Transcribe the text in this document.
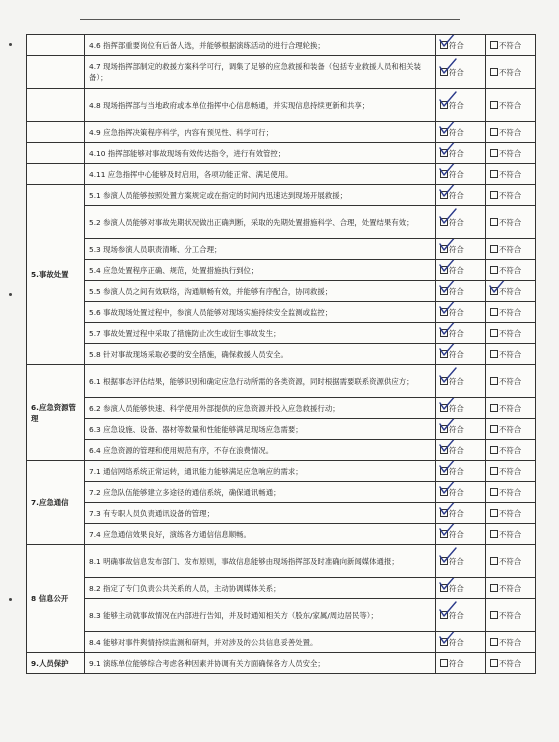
	4.6 指挥部重要岗位有后备人选，并能够根据演练活动的进行合理轮换；	符合	不符合
	4.7 现场指挥部制定的救援方案科学可行，调集了足够的应急救援和装备（包括专业救援人员和相关装备）；	符合	不符合
	4.8 现场指挥部与当地政府或本单位指挥中心信息畅通，并实现信息持续更新和共享；	符合	不符合
	4.9 应急指挥决策程序科学，内容有预见性、科学可行；	符合	不符合
	4.10 指挥部能够对事故现场有效传达指令，进行有效管控；	符合	不符合
	4.11 应急指挥中心能够及时启用，各项功能正常、满足使用。	符合	不符合
5.事故处置	5.1 参演人员能够按照处置方案规定或在指定的时间内迅速达到现场开展救援；	符合	不符合
	5.2 参演人员能够对事故先期状况做出正确判断，采取的先期处置措施科学、合理，处置结果有效；	符合	不符合
	5.3 现场参演人员职责清晰、分工合理；	符合	不符合
	5.4 应急处置程序正确、规范，处置措施执行到位；	符合	不符合
	5.5 参演人员之间有效联络，沟通顺畅有效，并能够有序配合，协同救援；	符合	不符合
	5.6 事故现场处置过程中，参演人员能够对现场实施持续安全监测或监控；	符合	不符合
	5.7 事故处置过程中采取了措施防止次生或衍生事故发生；	符合	不符合
	5.8 针对事故现场采取必要的安全措施，确保救援人员安全。	符合	不符合
6.应急资源管理	6.1 根据事态评估结果，能够识别和确定应急行动所需的各类资源，同时根据需要联系资源供应方；	符合	不符合
	6.2 参演人员能够快速、科学使用外部提供的应急资源并投入应急救援行动；	符合	不符合
	6.3 应急设施、设备、器材等数量和性能能够满足现场应急需要；	符合	不符合
	6.4 应急资源的管理和使用规范有序，不存在浪费情况。	符合	不符合
7.应急通信	7.1 通信网络系统正常运转，通讯能力能够满足应急响应的需求；	符合	不符合
	7.2 应急队伍能够建立多途径的通信系统，确保通讯畅通；	符合	不符合
	7.3 有专职人员负责通讯设备的管理；	符合	不符合
	7.4 应急通信效果良好，演练各方通信信息顺畅。	符合	不符合
8 信息公开	8.1 明确事故信息发布部门、发布原则，事故信息能够由现场指挥部及时准确向新闻媒体通报；	符合	不符合
	8.2 指定了专门负责公共关系的人员，主动协调媒体关系；	符合	不符合
	8.3 能够主动就事故情况在内部进行告知，并及时通知相关方（股东/家属/周边居民等）；	符合	不符合
	8.4 能够对事件舆情持续监测和研判，并对涉及的公共信息妥善处置。	符合	不符合
9.人员保护	9.1 演练单位能够综合考虑各种因素并协调有关方面确保各方人员安全；	符合	不符合
